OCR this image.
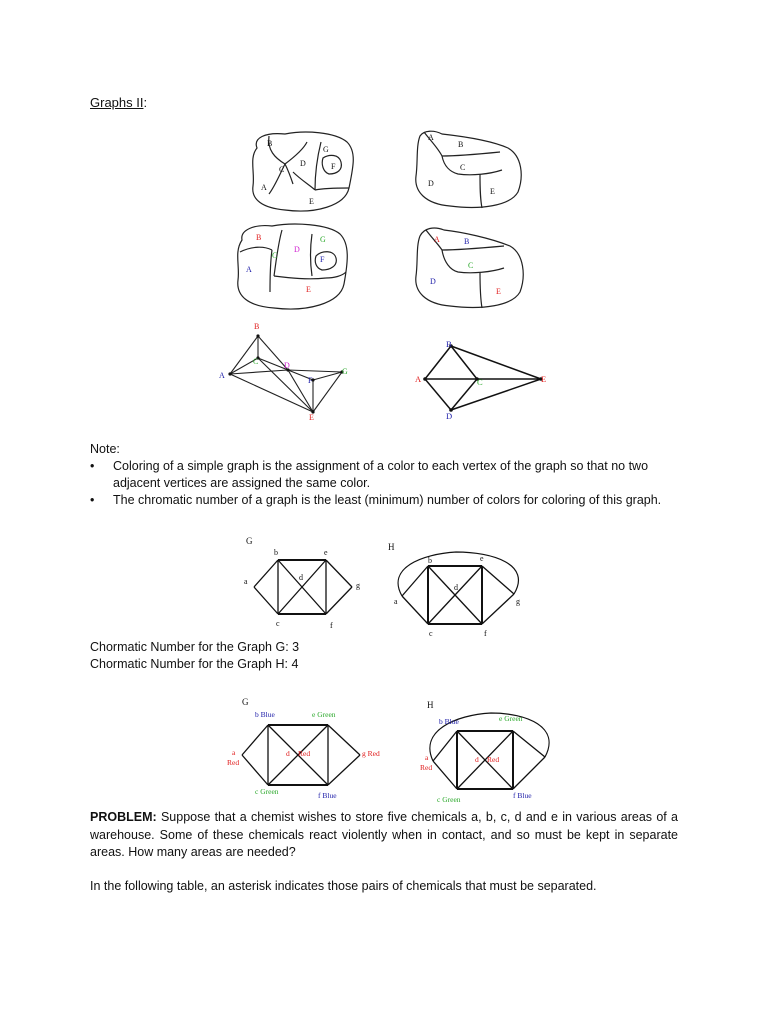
Graphs II:
B
C
D
G
F
A
E
A
B
C
D
E
B
C
D
G
F
A
E
A	B
C
D
E
B
C	D
G
A
F
E
B
A	C	E
D
Note:
• Coloring of a simple graph is the assignment of a color to each vertex of the graph so that no two adjacent vertices are assigned the same color.
• The chromatic number of a graph is the least (minimum) number of colors for coloring of this graph.
G
a
b
c
d
e
f
g
H
a
b
c
d
e
f
g
Chormatic Number for the Graph G: 3
Chormatic Number for the Graph H: 4
G
a
Red
b Blue
c Green
d Red
e Green
f Blue
g Red
H
a
Red
b Blue
c Green
d Red
e Green
f Blue
PROBLEM: Suppose that a chemist wishes to store five chemicals a, b, c, d and e in various areas of a warehouse. Some of these chemicals react violently when in contact, and so must be kept in separate areas. How many areas are needed?
In the following table, an asterisk indicates those pairs of chemicals that must be separated.
